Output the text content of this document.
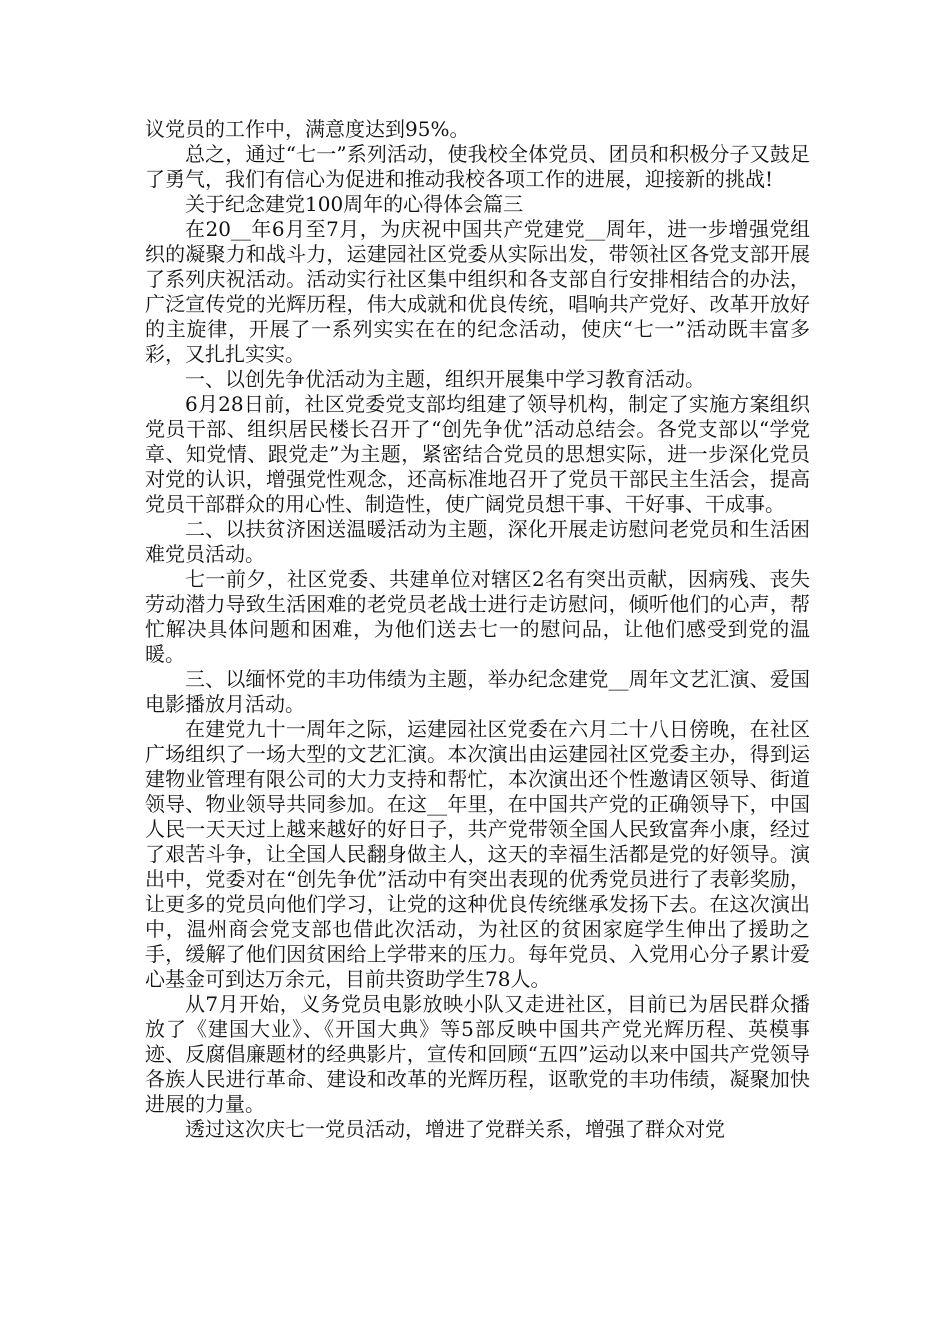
议党员的工作中，满意度达到95%。

总之，通过“七一”系列活动，使我校全体党员、团员和积极分子又鼓足了勇气，我们有信心为促进和推动我校各项工作的进展，迎接新的挑战!

关于纪念建党100周年的心得体会篇三

在20__年6月至7月，为庆祝中国共产党建党__周年，进一步增强党组织的凝聚力和战斗力，运建园社区党委从实际出发，带领社区各党支部开展了系列庆祝活动。活动实行社区集中组织和各支部自行安排相结合的办法，广泛宣传党的光辉历程，伟大成就和优良传统，唱响共产党好、改革开放好的主旋律，开展了一系列实实在在的纪念活动，使庆“七一”活动既丰富多彩，又扎扎实实。

一、以创先争优活动为主题，组织开展集中学习教育活动。

6月28日前，社区党委党支部均组建了领导机构，制定了实施方案组织党员干部、组织居民楼长召开了“创先争优”活动总结会。各党支部以“学党章、知党情、跟党走”为主题，紧密结合党员的思想实际，进一步深化党员对党的认识，增强党性观念，还高标准地召开了党员干部民主生活会，提高党员干部群众的用心性、制造性，使广阔党员想干事、干好事、干成事。

二、以扶贫济困送温暖活动为主题，深化开展走访慰问老党员和生活困难党员活动。

七一前夕，社区党委、共建单位对辖区2名有突出贡献，因病残、丧失劳动潜力导致生活困难的老党员老战士进行走访慰问，倾听他们的心声，帮忙解决具体问题和困难，为他们送去七一的慰问品，让他们感受到党的温暖。

三、以缅怀党的丰功伟绩为主题，举办纪念建党__周年文艺汇演、爱国电影播放月活动。

在建党九十一周年之际，运建园社区党委在六月二十八日傍晚，在社区广场组织了一场大型的文艺汇演。本次演出由运建园社区党委主办，得到运建物业管理有限公司的大力支持和帮忙，本次演出还个性邀请区领导、街道领导、物业领导共同参加。在这__年里，在中国共产党的正确领导下，中国人民一天天过上越来越好的好日子，共产党带领全国人民致富奔小康，经过了艰苦斗争，让全国人民翻身做主人，这天的幸福生活都是党的好领导。演出中，党委对在“创先争优”活动中有突出表现的优秀党员进行了表彰奖励，让更多的党员向他们学习，让党的这种优良传统继承发扬下去。在这次演出中，温州商会党支部也借此次活动，为社区的贫困家庭学生伸出了援助之手，缓解了他们因贫困给上学带来的压力。每年党员、入党用心分子累计爱心基金可到达万余元，目前共资助学生78人。

从7月开始，义务党员电影放映小队又走进社区，目前已为居民群众播放了《建国大业》、《开国大典》等5部反映中国共产党光辉历程、英模事迹、反腐倡廉题材的经典影片，宣传和回顾“五四”运动以来中国共产党领导各族人民进行革命、建设和改革的光辉历程，讴歌党的丰功伟绩，凝聚加快进展的力量。

透过这次庆七一党员活动，增进了党群关系，增强了群众对党
